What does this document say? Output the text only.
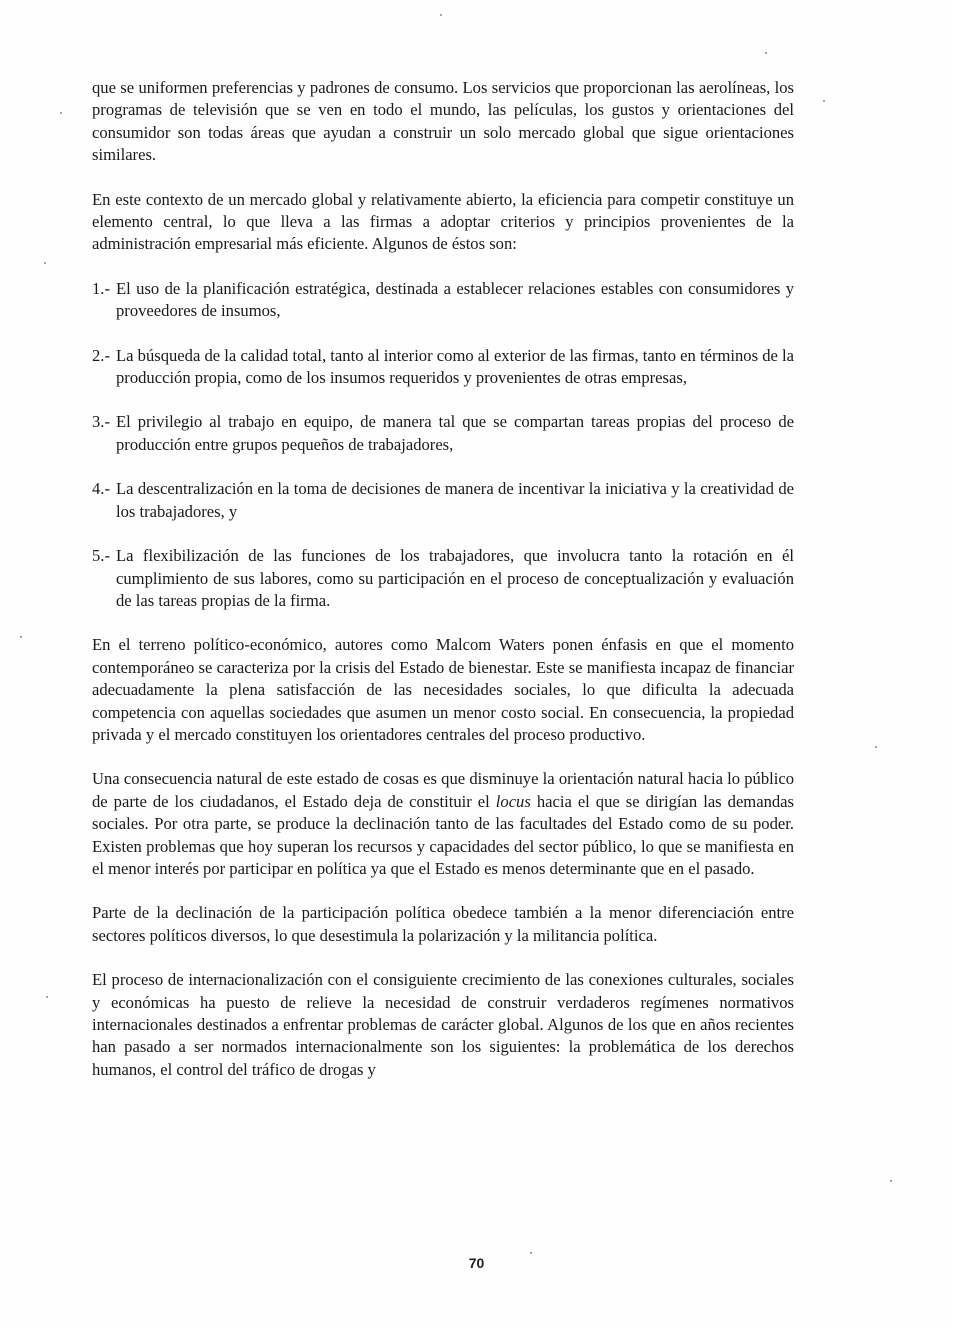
que se uniformen preferencias y padrones de consumo. Los servicios que proporcionan las aerolíneas, los programas de televisión que se ven en todo el mundo, las películas, los gustos y orientaciones del consumidor son todas áreas que ayudan a construir un solo mercado global que sigue orientaciones similares.

En este contexto de un mercado global y relativamente abierto, la eficiencia para competir constituye un elemento central, lo que lleva a las firmas a adoptar criterios y principios provenientes de la administración empresarial más eficiente. Algunos de éstos son:

1.- El uso de la planificación estratégica, destinada a establecer relaciones estables con consumidores y proveedores de insumos,

2.- La búsqueda de la calidad total, tanto al interior como al exterior de las firmas, tanto en términos de la producción propia, como de los insumos requeridos y provenientes de otras empresas,

3.- El privilegio al trabajo en equipo, de manera tal que se compartan tareas propias del proceso de producción entre grupos pequeños de trabajadores,

4.- La descentralización en la toma de decisiones de manera de incentivar la iniciativa y la creatividad de los trabajadores, y

5.- La flexibilización de las funciones de los trabajadores, que involucra tanto la rotación en él cumplimiento de sus labores, como su participación en el proceso de conceptualización y evaluación de las tareas propias de la firma.

En el terreno político-económico, autores como Malcom Waters ponen énfasis en que el momento contemporáneo se caracteriza por la crisis del Estado de bienestar. Este se manifiesta incapaz de financiar adecuadamente la plena satisfacción de las necesidades sociales, lo que dificulta la adecuada competencia con aquellas sociedades que asumen un menor costo social. En consecuencia, la propiedad privada y el mercado constituyen los orientadores centrales del proceso productivo.

Una consecuencia natural de este estado de cosas es que disminuye la orientación natural hacia lo público de parte de los ciudadanos, el Estado deja de constituir el locus hacia el que se dirigían las demandas sociales. Por otra parte, se produce la declinación tanto de las facultades del Estado como de su poder. Existen problemas que hoy superan los recursos y capacidades del sector público, lo que se manifiesta en el menor interés por participar en política ya que el Estado es menos determinante que en el pasado.

Parte de la declinación de la participación política obedece también a la menor diferenciación entre sectores políticos diversos, lo que desestimula la polarización y la militancia política.

El proceso de internacionalización con el consiguiente crecimiento de las conexiones culturales, sociales y económicas ha puesto de relieve la necesidad de construir verdaderos regímenes normativos internacionales destinados a enfrentar problemas de carácter global. Algunos de los que en años recientes han pasado a ser normados internacionalmente son los siguientes: la problemática de los derechos humanos, el control del tráfico de drogas y

70
